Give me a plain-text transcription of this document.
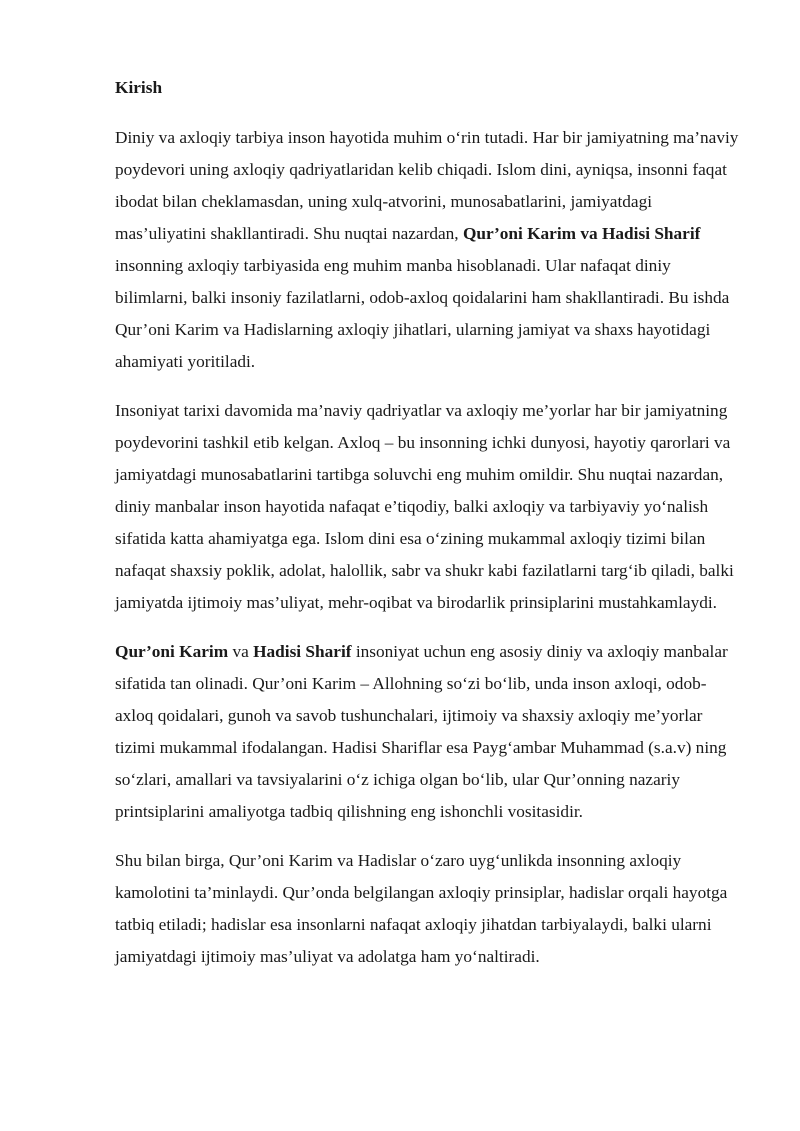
Kirish

Diniy va axloqiy tarbiya inson hayotida muhim o‘rin tutadi. Har bir jamiyatning ma’naviy poydevori uning axloqiy qadriyatlaridan kelib chiqadi. Islom dini, ayniqsa, insonni faqat ibodat bilan cheklamasdan, uning xulq-atvorini, munosabatlarini, jamiyatdagi mas’uliyatini shakllantiradi. Shu nuqtai nazardan, Qur’oni Karim va Hadisi Sharif insonning axloqiy tarbiyasida eng muhim manba hisoblanadi. Ular nafaqat diniy bilimlarni, balki insoniy fazilatlarni, odob-axloq qoidalarini ham shakllantiradi. Bu ishda Qur’oni Karim va Hadislarning axloqiy jihatlari, ularning jamiyat va shaxs hayotidagi ahamiyati yoritiladi.

Insoniyat tarixi davomida ma’naviy qadriyatlar va axloqiy me’yorlar har bir jamiyatning poydevorini tashkil etib kelgan. Axloq – bu insonning ichki dunyosi, hayotiy qarorlari va jamiyatdagi munosabatlarini tartibga soluvchi eng muhim omildir. Shu nuqtai nazardan, diniy manbalar inson hayotida nafaqat e’tiqodiy, balki axloqiy va tarbiyaviy yo‘nalish sifatida katta ahamiyatga ega. Islom dini esa o‘zining mukammal axloqiy tizimi bilan nafaqat shaxsiy poklik, adolat, halollik, sabr va shukr kabi fazilatlarni targ‘ib qiladi, balki jamiyatda ijtimoiy mas’uliyat, mehr-oqibat va birodarlik prinsiplarini mustahkamlaydi.

Qur’oni Karim va Hadisi Sharif insoniyat uchun eng asosiy diniy va axloqiy manbalar sifatida tan olinadi. Qur’oni Karim – Allohning so‘zi bo‘lib, unda inson axloqi, odob-axloq qoidalari, gunoh va savob tushunchalari, ijtimoiy va shaxsiy axloqiy me’yorlar tizimi mukammal ifodalangan. Hadisi Shariflar esa Payg‘ambar Muhammad (s.a.v) ning so‘zlari, amallari va tavsiyalarini o‘z ichiga olgan bo‘lib, ular Qur’onning nazariy printsiplarini amaliyotga tadbiq qilishning eng ishonchli vositasidir.

Shu bilan birga, Qur’oni Karim va Hadislar o‘zaro uyg‘unlikda insonning axloqiy kamolotini ta’minlaydi. Qur’onda belgilangan axloqiy prinsiplar, hadislar orqali hayotga tatbiq etiladi; hadislar esa insonlarni nafaqat axloqiy jihatdan tarbiyalaydi, balki ularni jamiyatdagi ijtimoiy mas’uliyat va adolatga ham yo‘naltiradi.
